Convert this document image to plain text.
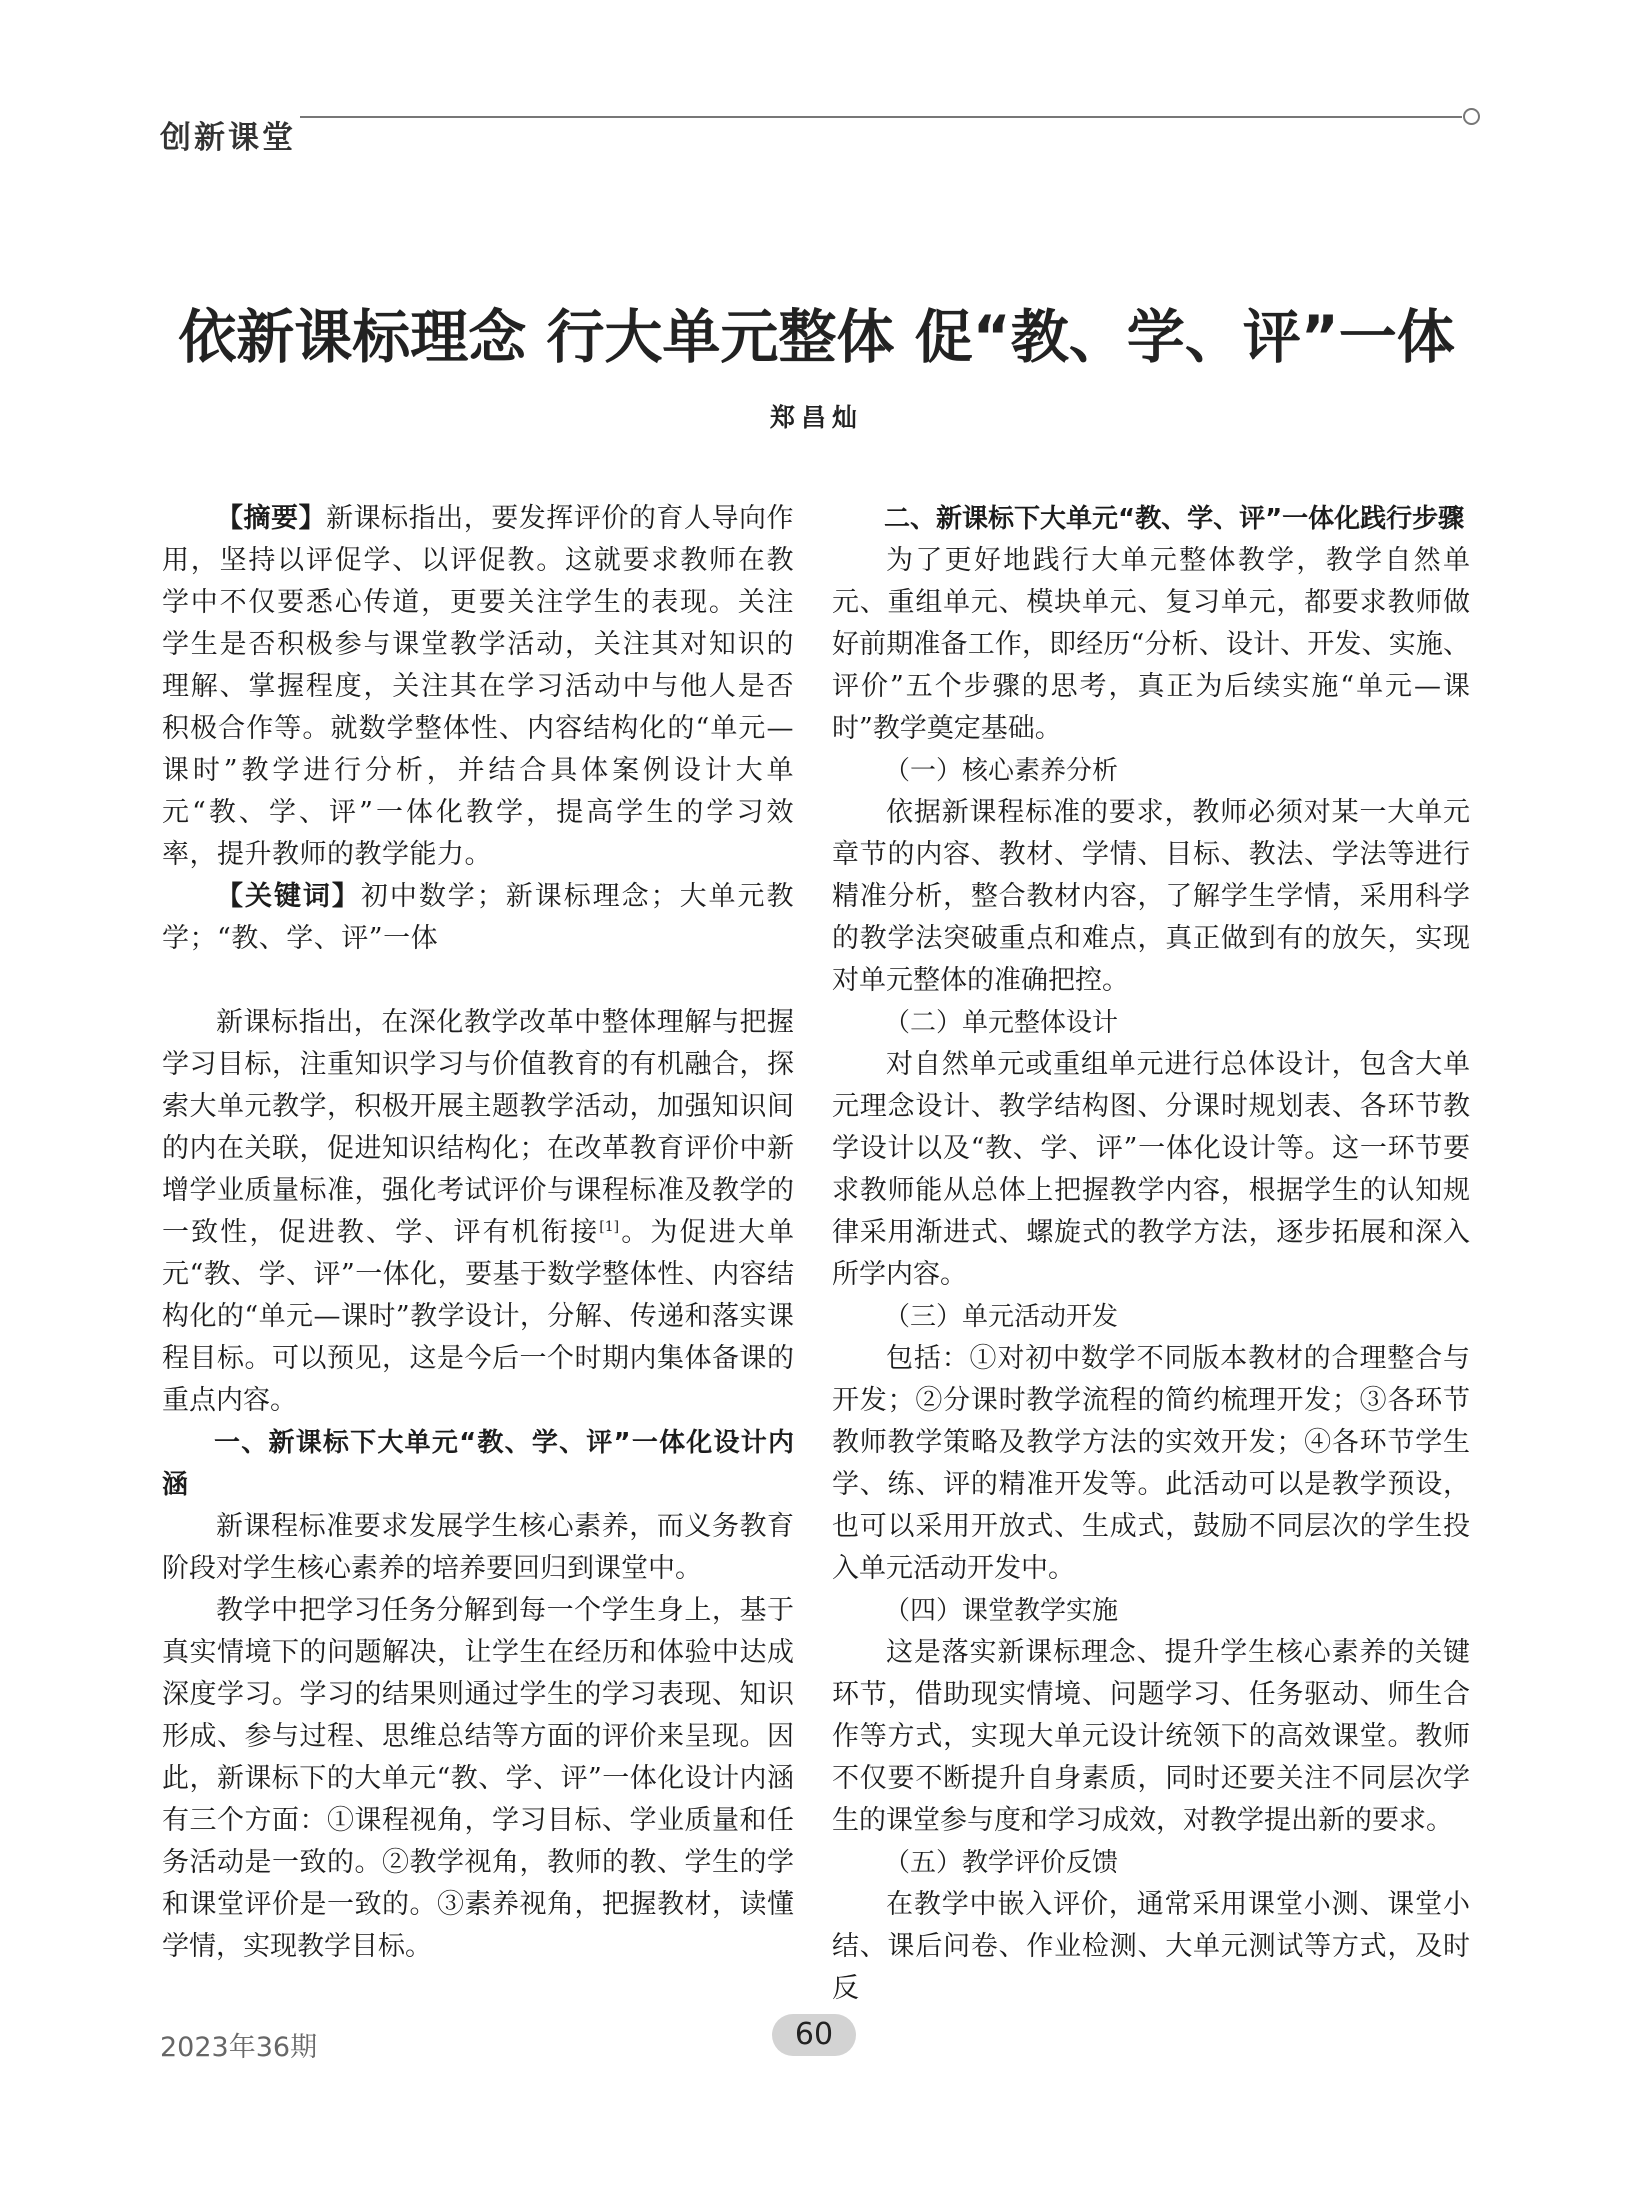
创新课堂
依新课标理念 行大单元整体 促“教、学、评”一体
郑昌灿

【摘要】新课标指出，要发挥评价的育人导向作用，坚持以评促学、以评促教。这就要求教师在教学中不仅要悉心传道，更要关注学生的表现。关注学生是否积极参与课堂教学活动，关注其对知识的理解、掌握程度，关注其在学习活动中与他人是否积极合作等。就数学整体性、内容结构化的“单元—课时”教学进行分析，并结合具体案例设计大单元“教、学、评”一体化教学，提高学生的学习效率，提升教师的教学能力。

【关键词】初中数学；新课标理念；大单元教学；“教、学、评”一体

新课标指出，在深化教学改革中整体理解与把握学习目标，注重知识学习与价值教育的有机融合，探索大单元教学，积极开展主题教学活动，加强知识间的内在关联，促进知识结构化；在改革教育评价中新增学业质量标准，强化考试评价与课程标准及教学的一致性，促进教、学、评有机衔接[1]。为促进大单元“教、学、评”一体化，要基于数学整体性、内容结构化的“单元—课时”教学设计，分解、传递和落实课程目标。可以预见，这是今后一个时期内集体备课的重点内容。

一、新课标下大单元“教、学、评”一体化设计内涵

新课程标准要求发展学生核心素养，而义务教育阶段对学生核心素养的培养要回归到课堂中。

教学中把学习任务分解到每一个学生身上，基于真实情境下的问题解决，让学生在经历和体验中达成深度学习。学习的结果则通过学生的学习表现、知识形成、参与过程、思维总结等方面的评价来呈现。因此，新课标下的大单元“教、学、评”一体化设计内涵有三个方面：①课程视角，学习目标、学业质量和任务活动是一致的。②教学视角，教师的教、学生的学和课堂评价是一致的。③素养视角，把握教材，读懂学情，实现教学目标。

二、新课标下大单元“教、学、评”一体化践行步骤

为了更好地践行大单元整体教学，教学自然单元、重组单元、模块单元、复习单元，都要求教师做好前期准备工作，即经历“分析、设计、开发、实施、评价”五个步骤的思考，真正为后续实施“单元—课时”教学奠定基础。

（一）核心素养分析

依据新课程标准的要求，教师必须对某一大单元章节的内容、教材、学情、目标、教法、学法等进行精准分析，整合教材内容，了解学生学情，采用科学的教学法突破重点和难点，真正做到有的放矢，实现对单元整体的准确把控。

（二）单元整体设计

对自然单元或重组单元进行总体设计，包含大单元理念设计、教学结构图、分课时规划表、各环节教学设计以及“教、学、评”一体化设计等。这一环节要求教师能从总体上把握教学内容，根据学生的认知规律采用渐进式、螺旋式的教学方法，逐步拓展和深入所学内容。

（三）单元活动开发

包括：①对初中数学不同版本教材的合理整合与开发；②分课时教学流程的简约梳理开发；③各环节教师教学策略及教学方法的实效开发；④各环节学生学、练、评的精准开发等。此活动可以是教学预设，也可以采用开放式、生成式，鼓励不同层次的学生投入单元活动开发中。

（四）课堂教学实施

这是落实新课标理念、提升学生核心素养的关键环节，借助现实情境、问题学习、任务驱动、师生合作等方式，实现大单元设计统领下的高效课堂。教师不仅要不断提升自身素质，同时还要关注不同层次学生的课堂参与度和学习成效，对教学提出新的要求。

（五）教学评价反馈

在教学中嵌入评价，通常采用课堂小测、课堂小结、课后问卷、作业检测、大单元测试等方式，及时反

2023年36期	60
